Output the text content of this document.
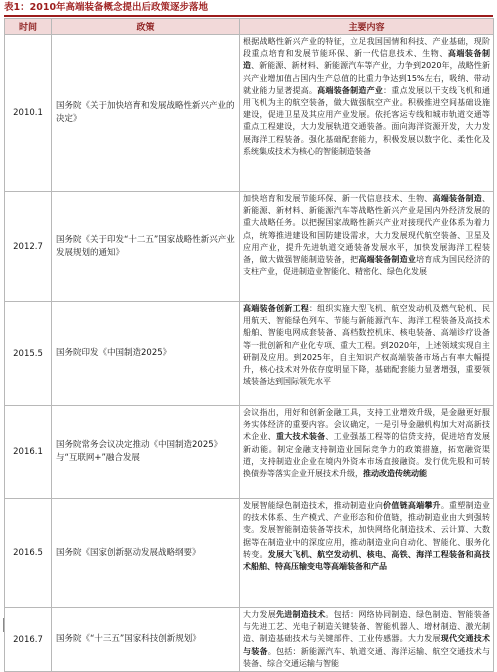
表1：2010年高端装备概念提出后政策逐步落地
时间	政策	主要内容
2010.1	国务院《关于加快培育和发展战略性新兴产业的决定》	根据战略性新兴产业的特征，立足我国国情和科技、产业基础，现阶段重点培育和发展节能环保、新一代信息技术、生物、高端装备制造、新能源、新材料、新能源汽车等产业，力争到2020年，战略性新兴产业增加值占国内生产总值的比重力争达到15%左右，吸纳、带动就业能力显著提高。高端装备制造产业：重点发展以干支线飞机和通用飞机为主的航空装备，做大做强航空产业。积极推进空间基础设施建设，促进卫星及其应用产业发展。依托客运专线和城市轨道交通等重点工程建设，大力发展轨道交通装备。面向海洋资源开发，大力发展海洋工程装备。强化基础配套能力，积极发展以数字化、柔性化及系统集成技术为核心的智能制造装备
2012.7	国务院《关于印发“十二五”国家战略性新兴产业发展规划的通知》	加快培育和发展节能环保、新一代信息技术、生物、高端装备制造、新能源、新材料、新能源汽车等战略性新兴产业是国内外经济发展的重大战略任务。以把握国家战略性新兴产业对接现代产业体系为着力点，统筹推进建设和国防建设需求，大力发展现代航空装备、卫星及应用产业，提升先进轨道交通装备发展水平，加快发展海洋工程装备，做大做强智能制造装备，把高端装备制造业培育成为国民经济的支柱产业，促进制造业智能化、精密化、绿色化发展
2015.5	国务院印发《中国制造2025》	高端装备创新工程：组织实施大型飞机、航空发动机及燃气轮机、民用航天、智能绿色列车、节能与新能源汽车、海洋工程装备及高技术船舶、智能电网成套装备、高档数控机床、核电装备、高端诊疗设备等一批创新和产业化专项、重大工程。到2020年，上述领域实现自主研制及应用。到2025年，自主知识产权高端装备市场占有率大幅提升，核心技术对外依存度明显下降，基础配套能力显著增强，重要领域装备达到国际领先水平
2016.1	国务院常务会议决定推动《中国制造2025》与“互联网+”融合发展	会议指出，用好和创新金融工具，支持工业增效升级，是金融更好服务实体经济的重要内容。会议确定，一是引导金融机构加大对高新技术企业、重大技术装备、工业强基工程等的信贷支持，促进培育发展新动能。制定金融支持制造业国际竞争力的政策措施，拓宽融资渠道，支持制造业企业在境内外资本市场直接融资。发行优先股和可转换债券等落实企业开展技术升级，推动改造传统动能
2016.5	国务院《国家创新驱动发展战略纲要》	发展智能绿色制造技术，推动制造业向价值链高端攀升。重塑制造业的技术体系、生产模式、产业形态和价值链，推动制造业由大到强转变。发展智能制造装备等技术，加快网络化制造技术、云计算、大数据等在制造业中的深度应用，推动制造业向自动化、智能化、服务化转变。发展大飞机、航空发动机、核电、高铁、海洋工程装备和高技术船舶、特高压输变电等高端装备和产品
2016.7	国务院《“十三五”国家科技创新规划》	大力发展先进制造技术。包括：网络协同制造、绿色制造、智能装备与先进工艺、光电子制造关键装备、智能机器人、增材制造、激光制造、制造基础技术与关键部件、工业传感器。大力发展现代交通技术与装备。包括：新能源汽车、轨道交通、海洋运输、航空交通技术与装备、综合交通运输与智能
